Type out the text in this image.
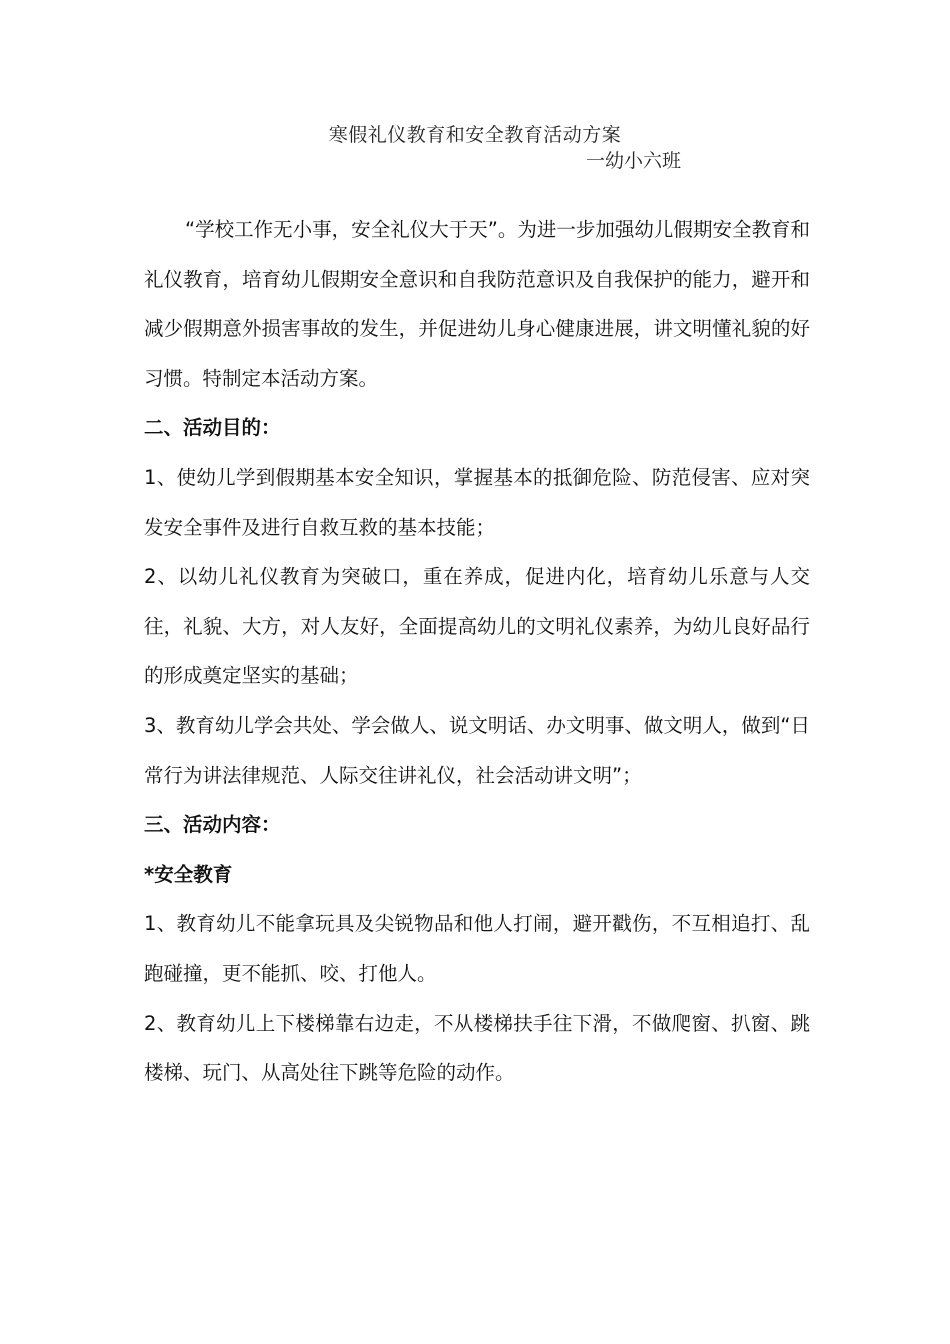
寒假礼仪教育和安全教育活动方案
一幼小六班

“学校工作无小事，安全礼仪大于天”。为进一步加强幼儿假期安全教育和礼仪教育，培育幼儿假期安全意识和自我防范意识及自我保护的能力，避开和减少假期意外损害事故的发生，并促进幼儿身心健康进展，讲文明懂礼貌的好习惯。特制定本活动方案。

二、活动目的：

1、使幼儿学到假期基本安全知识，掌握基本的抵御危险、防范侵害、应对突发安全事件及进行自救互救的基本技能；

2、以幼儿礼仪教育为突破口，重在养成，促进内化，培育幼儿乐意与人交往，礼貌、大方，对人友好，全面提高幼儿的文明礼仪素养，为幼儿良好品行的形成奠定坚实的基础；

3、教育幼儿学会共处、学会做人、说文明话、办文明事、做文明人，做到“日常行为讲法律规范、人际交往讲礼仪，社会活动讲文明”；

三、活动内容：

*安全教育

1、教育幼儿不能拿玩具及尖锐物品和他人打闹，避开戳伤，不互相追打、乱跑碰撞，更不能抓、咬、打他人。

2、教育幼儿上下楼梯靠右边走，不从楼梯扶手往下滑，不做爬窗、扒窗、跳楼梯、玩门、从高处往下跳等危险的动作。
